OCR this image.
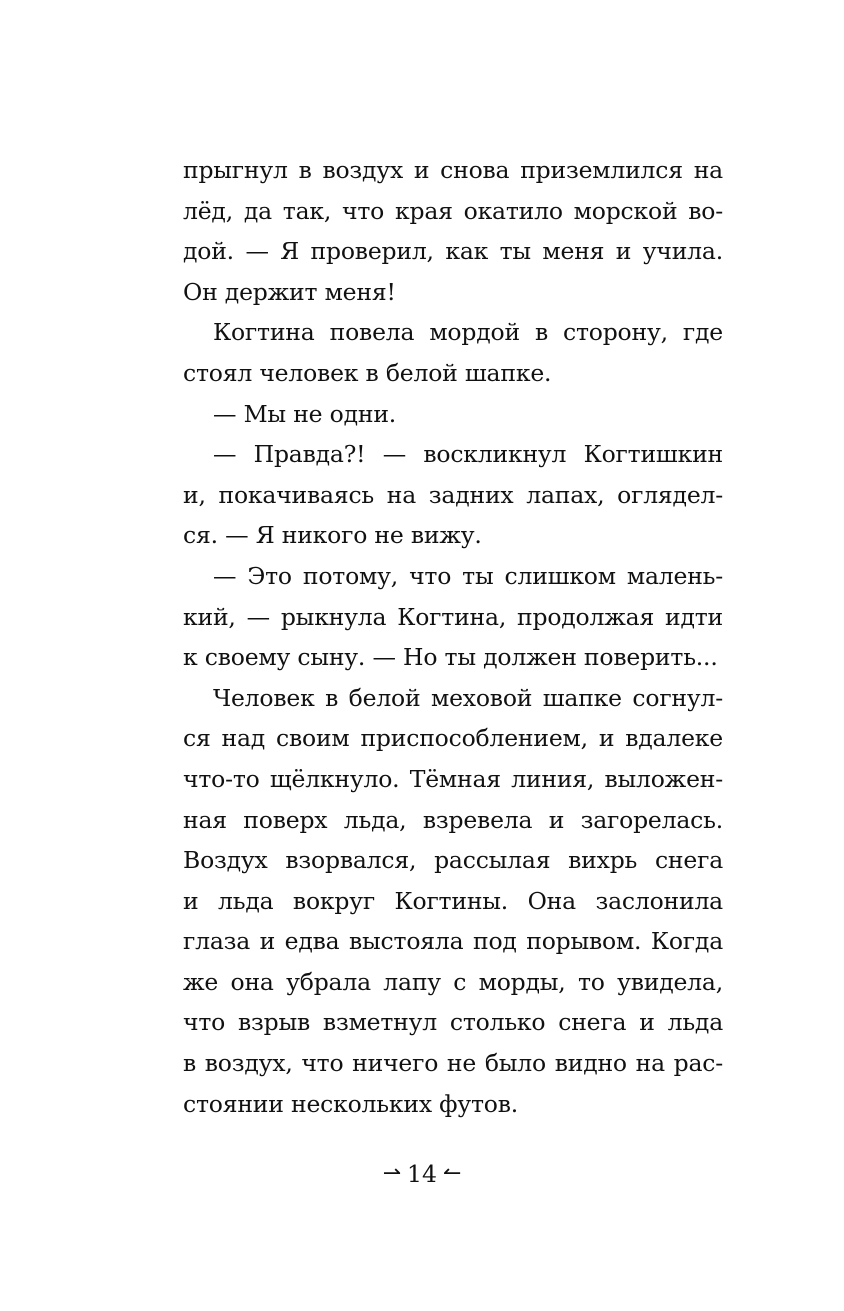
прыгнул в воздух и снова приземлился на
лёд, да так, что края окатило морской во-
дой. — Я проверил, как ты меня и учила.
Он держит меня!
Когтина повела мордой в сторону, где
стоял человек в белой шапке.
— Мы не одни.
— Правда?! — воскликнул Когтишкин
и, покачиваясь на задних лапах, оглядел-
ся. — Я никого не вижу.
— Это потому, что ты слишком малень-
кий, — рыкнула Когтина, продолжая идти
к своему сыну. — Но ты должен поверить...
Человек в белой меховой шапке согнул-
ся над своим приспособлением, и вдалеке
что-то щёлкнуло. Тёмная линия, выложен-
ная поверх льда, взревела и загорелась.
Воздух взорвался, рассылая вихрь снега
и льда вокруг Когтины. Она заслонила
глаза и едва выстояла под порывом. Когда
же она убрала лапу с морды, то увидела,
что взрыв взметнул столько снега и льда
в воздух, что ничего не было видно на рас-
стоянии нескольких футов.
⇀ 14 ↼
